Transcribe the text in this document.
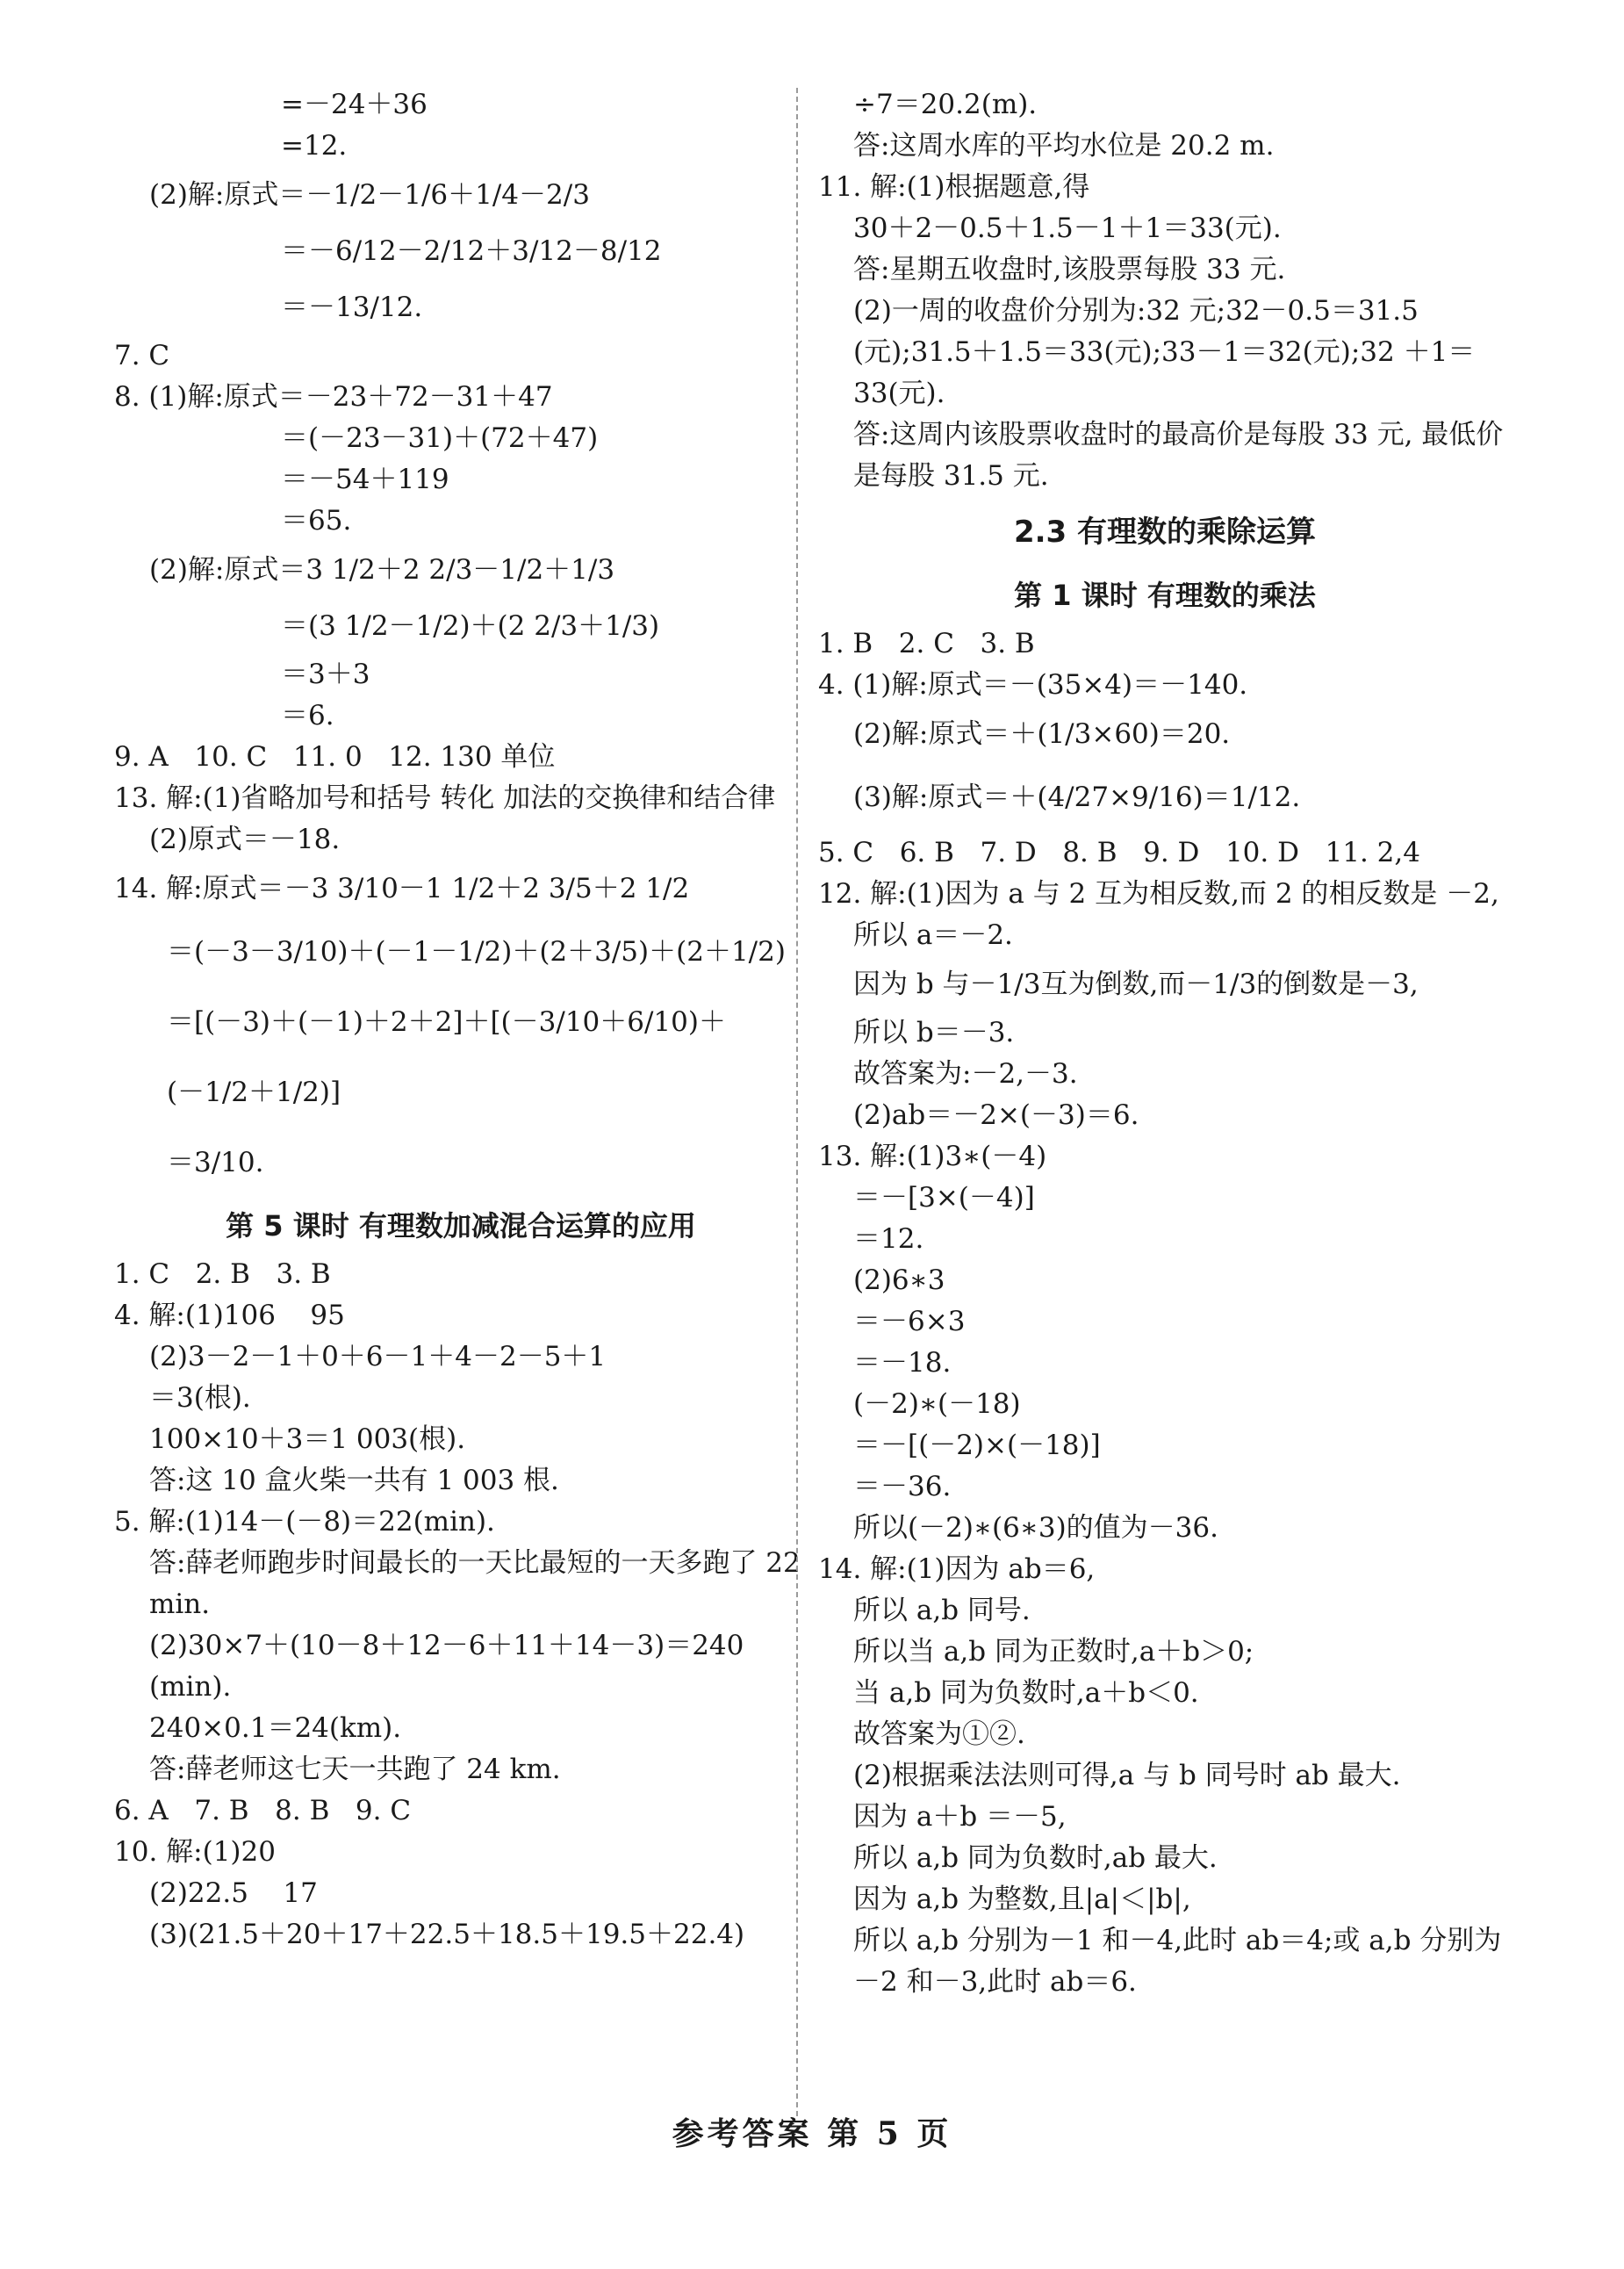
=－24＋36
=12.
(2)解:原式＝－1/2－1/6＋1/4－2/3
＝－6/12－2/12＋3/12－8/12
＝－13/12.
7. C
8. (1)解:原式＝－23＋72－31＋47
＝(－23－31)＋(72＋47)
＝－54＋119
＝65.
(2)解:原式＝3 1/2＋2 2/3－1/2＋1/3
＝(3 1/2－1/2)＋(2 2/3＋1/3)
＝3＋3
＝6.
9. A   10. C   11. 0   12. 130 单位
13. 解:(1)省略加号和括号 转化 加法的交换律和结合律
(2)原式＝－18.
14. 解:原式＝－3 3/10－1 1/2＋2 3/5＋2 1/2
＝(－3－3/10)＋(－1－1/2)＋(2＋3/5)＋(2＋1/2)
＝[(－3)＋(－1)＋2＋2]＋[(－3/10＋6/10)＋
(－1/2＋1/2)]
＝3/10.
第 5 课时 有理数加减混合运算的应用
1. C   2. B   3. B
4. 解:(1)106    95
(2)3－2－1＋0＋6－1＋4－2－5＋1
＝3(根).
100×10＋3＝1 003(根).
答:这 10 盒火柴一共有 1 003 根.
5. 解:(1)14－(－8)＝22(min).
答:薛老师跑步时间最长的一天比最短的一天多跑了 22 min.
(2)30×7＋(10－8＋12－6＋11＋14－3)＝240 (min).
240×0.1＝24(km).
答:薛老师这七天一共跑了 24 km.
6. A   7. B   8. B   9. C
10. 解:(1)20
(2)22.5    17
(3)(21.5＋20＋17＋22.5＋18.5＋19.5＋22.4)
÷7＝20.2(m).
答:这周水库的平均水位是 20.2 m.
11. 解:(1)根据题意,得
30＋2－0.5＋1.5－1＋1＝33(元).
答:星期五收盘时,该股票每股 33 元.
(2)一周的收盘价分别为:32 元;32－0.5＝31.5 (元);31.5＋1.5＝33(元);33－1＝32(元);32 ＋1＝33(元).
答:这周内该股票收盘时的最高价是每股 33 元, 最低价是每股 31.5 元.
2.3 有理数的乘除运算
第 1 课时 有理数的乘法
1. B   2. C   3. B
4. (1)解:原式＝－(35×4)＝－140.
(2)解:原式＝＋(1/3×60)＝20.
(3)解:原式＝＋(4/27×9/16)＝1/12.
5. C   6. B   7. D   8. B   9. D   10. D   11. 2,4
12. 解:(1)因为 a 与 2 互为相反数,而 2 的相反数是 －2,
所以 a＝－2.
因为 b 与－1/3互为倒数,而－1/3的倒数是－3,
所以 b＝－3.
故答案为:－2,－3.
(2)ab＝－2×(－3)＝6.
13. 解:(1)3∗(－4)
＝－[3×(－4)]
＝12.
(2)6∗3
＝－6×3
＝－18.
(－2)∗(－18)
＝－[(－2)×(－18)]
＝－36.
所以(－2)∗(6∗3)的值为－36.
14. 解:(1)因为 ab＝6,
所以 a,b 同号.
所以当 a,b 同为正数时,a＋b＞0;
当 a,b 同为负数时,a＋b＜0.
故答案为①②.
(2)根据乘法法则可得,a 与 b 同号时 ab 最大.
因为 a＋b ＝－5,
所以 a,b 同为负数时,ab 最大.
因为 a,b 为整数,且|a|＜|b|,
所以 a,b 分别为－1 和－4,此时 ab＝4;或 a,b 分别为－2 和－3,此时 ab＝6.
参考答案 第 5 页
